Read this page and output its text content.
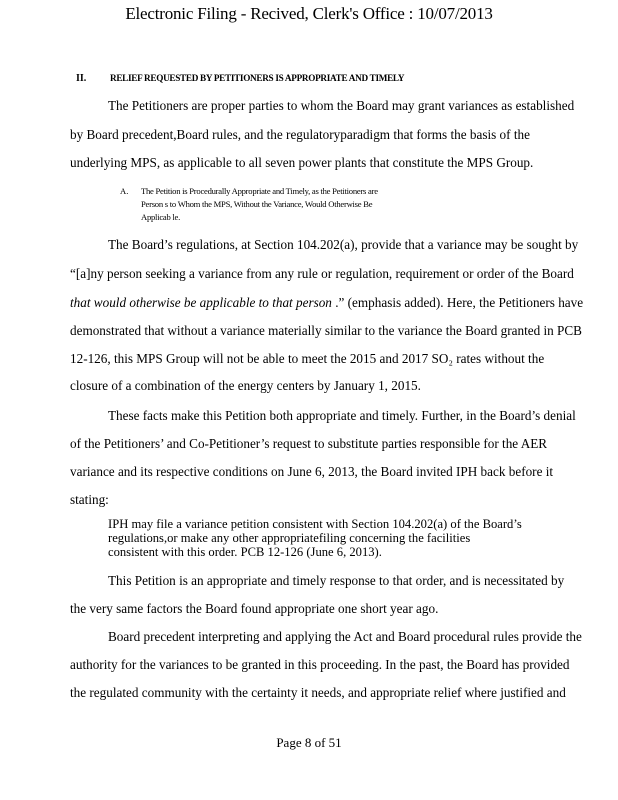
Electronic Filing - Recived, Clerk's Office : 10/07/2013
II.	RELIEF REQUESTED BY PETITIONERS IS APPROPRIATE AND TIMELY
The Petitioners are proper parties to whom the Board may grant variances as established
by Board precedent,Board rules, and the regulatoryparadigm that forms the basis of the
underlying MPS, as applicable to all seven power plants that constitute the MPS Group.
A. The Petition is Procedurally Appropriate and Timely, as the Petitioners are
Person s to Whom the MPS, Without the Variance, Would Otherwise Be
Applicab le.
The Board’s regulations, at Section 104.202(a), provide that a variance may be sought by
“[a]ny person seeking a variance from any rule or regulation, requirement or order of the Board
that would otherwise be applicable to that person .” (emphasis added). Here, the Petitioners have
demonstrated that without a variance materially similar to the variance the Board granted in PCB
12-126, this MPS Group will not be able to meet the 2015 and 2017 SO₂ rates without the
closure of a combination of the energy centers by January 1, 2015.
These facts make this Petition both appropriate and timely. Further, in the Board’s denial
of the Petitioners’ and Co-Petitioner’s request to substitute parties responsible for the AER
variance and its respective conditions on June 6, 2013, the Board invited IPH back before it
stating:
IPH may file a variance petition consistent with Section 104.202(a) of the Board’s
regulations,or make any other appropriatefiling concerning the facilities
consistent with this order. PCB 12-126 (June 6, 2013).
This Petition is an appropriate and timely response to that order, and is necessitated by
the very same factors the Board found appropriate one short year ago.
Board precedent interpreting and applying the Act and Board procedural rules provide the
authority for the variances to be granted in this proceeding. In the past, the Board has provided
the regulated community with the certainty it needs, and appropriate relief where justified and
Page 8 of 51
